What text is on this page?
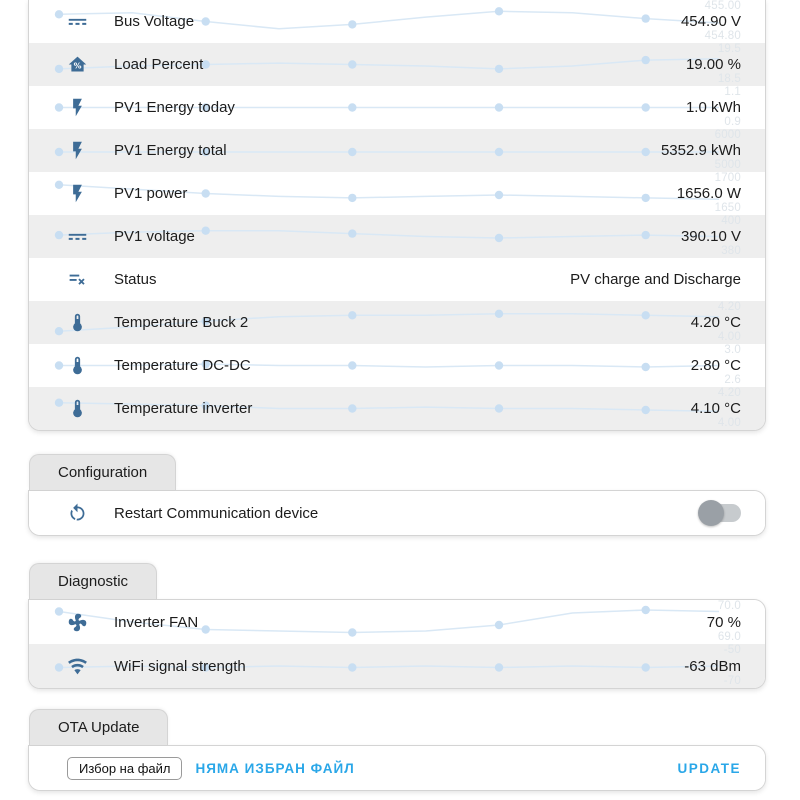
455.00
454.80
Bus Voltage	454.90 V
19.5
18.5
% Load Percent	19.00 %
1.1
0.9
PV1 Energy today	1.0 kWh
6000
5000
PV1 Energy total	5352.9 kWh
1700
1650
PV1 power	1656.0 W
400
380
PV1 voltage	390.10 V
Status	PV charge and Discharge
4.20
4.00
Temperature Buck 2	4.20 °C
3.0
2.6
Temperature DC-DC	2.80 °C
4.20
4.00
Temperature inverter	4.10 °C
Configuration
Restart Communication device
Diagnostic
70.0
69.0
Inverter FAN	70 %
-50
-70
WiFi signal strength	-63 dBm
OTA Update
Избор на файл	НЯМА ИЗБРАН ФАЙЛ	UPDATE
